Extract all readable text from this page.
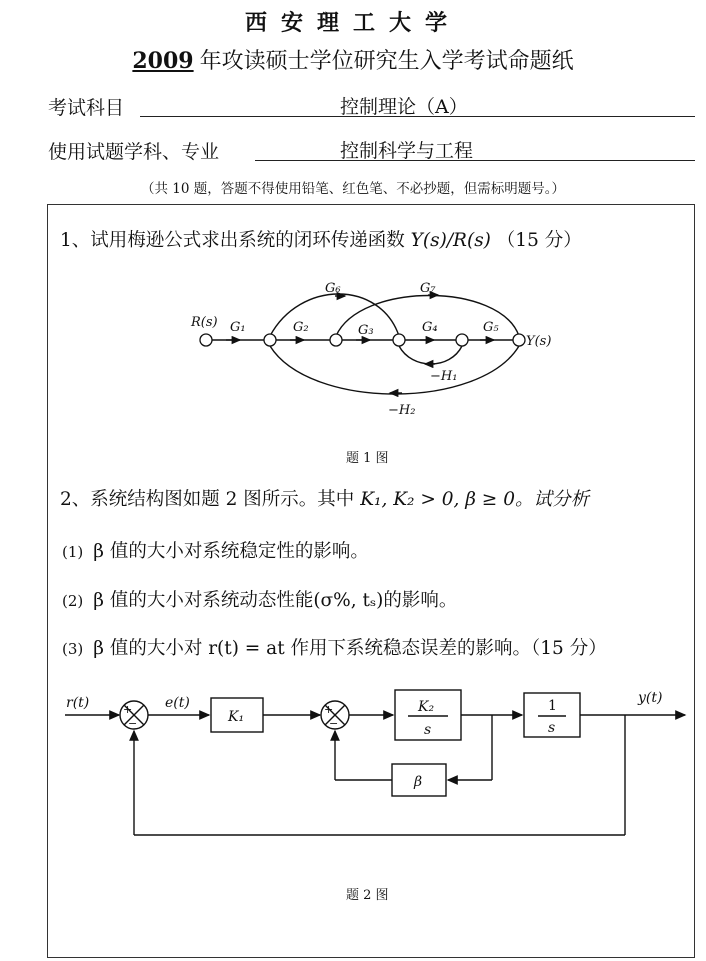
西安理工大学
2009 年攻读硕士学位研究生入学考试命题纸
考试科目	控制理论（A）
使用试题学科、专业	控制科学与工程
（共 10 题，答题不得使用铅笔、红色笔、不必抄题，但需标明题号。）
1、试用梅逊公式求出系统的闭环传递函数 Y(s)/R(s) （15 分）
R(s)
Y(s)
G₁	G₂	G₃	G₄	G₅
G₆	G₇
−H₁
−H₂
题 1 图
2、系统结构图如题 2 图所示。其中 K₁, K₂ > 0, β ≥ 0。试分析
(1) β 值的大小对系统稳定性的影响。
(2) β 值的大小对系统动态性能(σ%, tₛ)的影响。
(3) β 值的大小对 r(t) = at 作用下系统稳态误差的影响。（15 分）
r(t)	e(t)	y(t)
K₁
K₂
s
1
s
β
+
−
+
−
题 2 图
